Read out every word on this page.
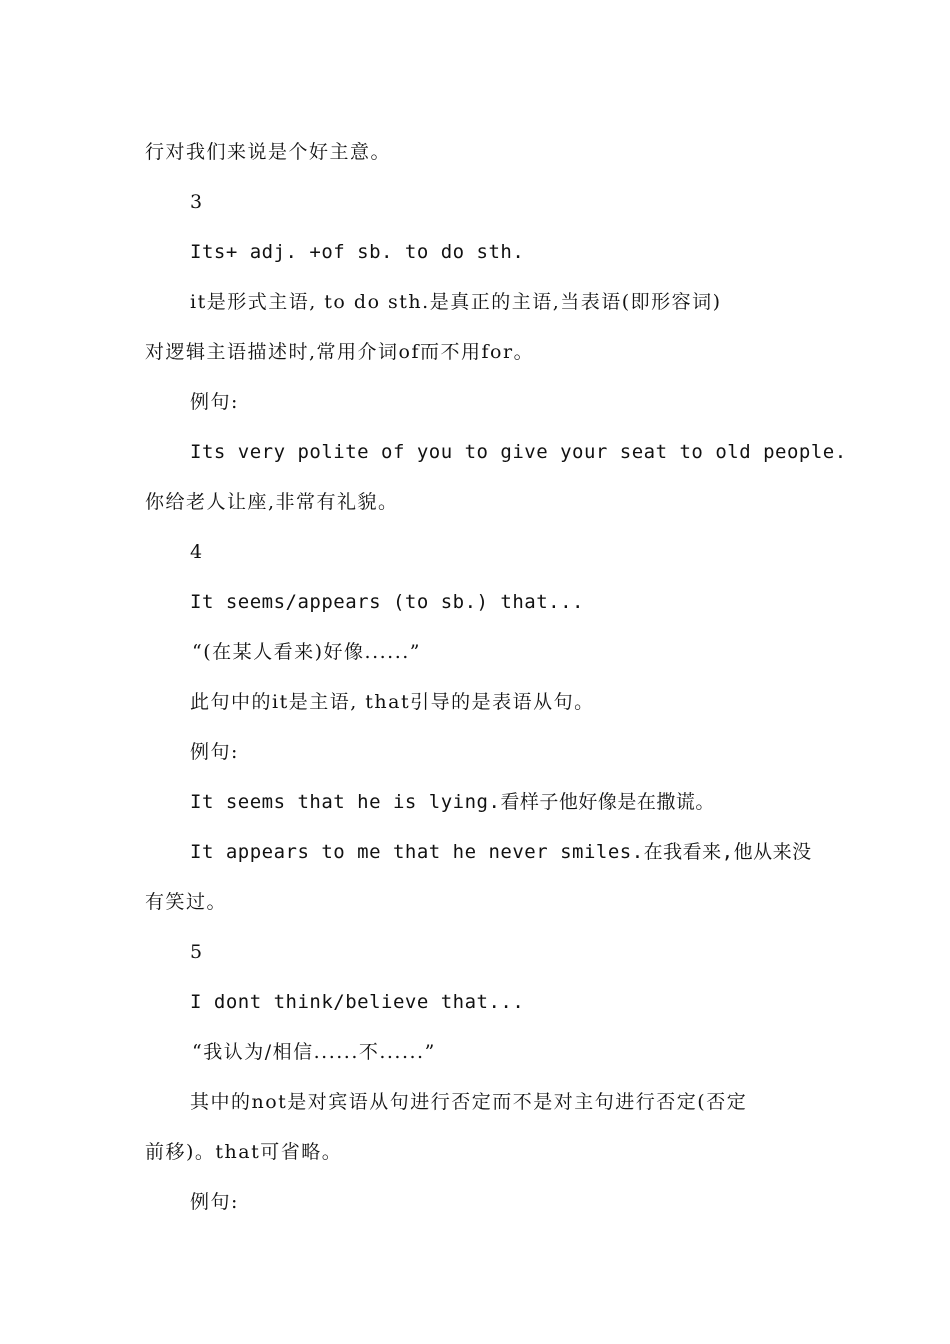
行对我们来说是个好主意。
3
Its+ adj. +of sb. to do sth.
it是形式主语, to do sth.是真正的主语,当表语(即形容词)
对逻辑主语描述时,常用介词of而不用for。
例句:
Its very polite of you to give your seat to old people.
你给老人让座,非常有礼貌。
4
It seems/appears (to sb.) that...
“(在某人看来)好像......”
此句中的it是主语, that引导的是表语从句。
例句:
It seems that he is lying.看样子他好像是在撒谎。
It appears to me that he never smiles.在我看来,他从来没
有笑过。
5
I dont think/believe that...
“我认为/相信......不......”
其中的not是对宾语从句进行否定而不是对主句进行否定(否定
前移)。that可省略。
例句:
